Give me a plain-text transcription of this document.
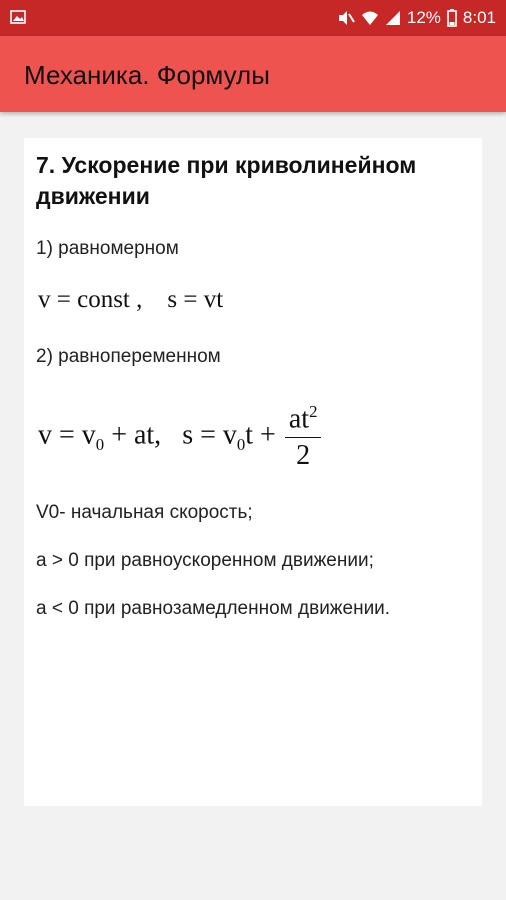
12% 8:01
Механика. Формулы
7. Ускорение при криволинейном движении
1) равномерном
v = const , s = vt
2) равнопеременном
$v = v_0$ + at, $s = v_0t + \frac{at^2}{2}$
V0- начальная скорость;
a > 0 при равноускоренном движении;
a < 0 при равнозамедленном движении.
